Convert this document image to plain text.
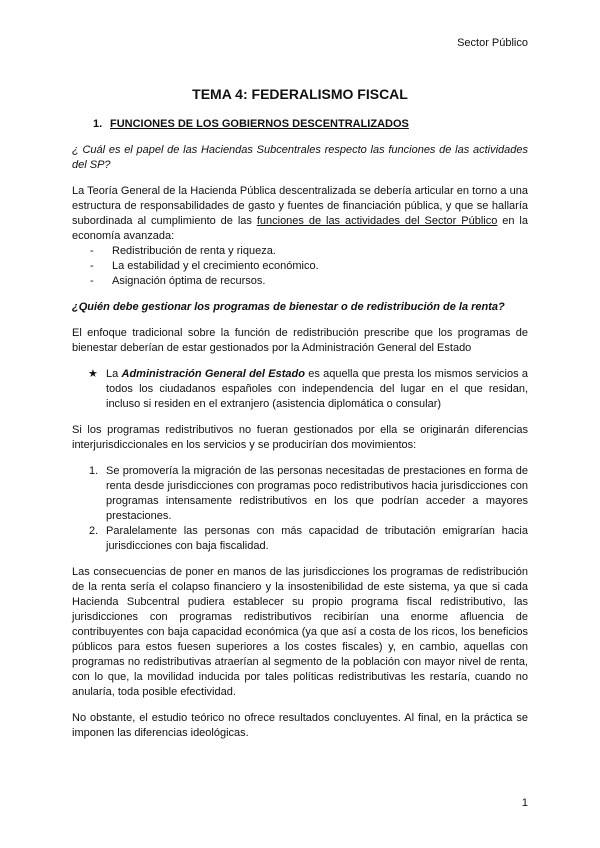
Sector Público
TEMA 4: FEDERALISMO FISCAL
1. FUNCIONES DE LOS GOBIERNOS DESCENTRALIZADOS

¿ Cuál es el papel de las Haciendas Subcentrales respecto las funciones de las actividades del SP?

La Teoría General de la Hacienda Pública descentralizada se debería articular en torno a una estructura de responsabilidades de gasto y fuentes de financiación pública, y que se hallaría subordinada al cumplimiento de las funciones de las actividades del Sector Público en la economía avanzada:

- Redistribución de renta y riqueza.
- La estabilidad y el crecimiento económico.
- Asignación óptima de recursos.

¿Quién debe gestionar los programas de bienestar o de redistribución de la renta?

El enfoque tradicional sobre la función de redistribución prescribe que los programas de bienestar deberían de estar gestionados por la Administración General del Estado

★ La Administración General del Estado es aquella que presta los mismos servicios a todos los ciudadanos españoles con independencia del lugar en el que residan, incluso si residen en el extranjero (asistencia diplomática o consular)

Si los programas redistributivos no fueran gestionados por ella se originarán diferencias interjurisdiccionales en los servicios y se producirían dos movimientos:

1. Se promovería la migración de las personas necesitadas de prestaciones en forma de renta desde jurisdicciones con programas poco redistributivos hacia jurisdicciones con programas intensamente redistributivos en los que podrían acceder a mayores prestaciones.
2. Paralelamente las personas con más capacidad de tributación emigrarían hacia jurisdicciones con baja fiscalidad.

Las consecuencias de poner en manos de las jurisdicciones los programas de redistribución de la renta sería el colapso financiero y la insostenibilidad de este sistema, ya que si cada Hacienda Subcentral pudiera establecer su propio programa fiscal redistributivo, las jurisdicciones con programas redistributivos recibirían una enorme afluencia de contribuyentes con baja capacidad económica (ya que así a costa de los ricos, los beneficios públicos para estos fuesen superiores a los costes fiscales) y, en cambio, aquellas con programas no redistributivas atraerían al segmento de la población con mayor nivel de renta, con lo que, la movilidad inducida por tales políticas redistributivas les restaría, cuando no anularía, toda posible efectividad.

No obstante, el estudio teórico no ofrece resultados concluyentes. Al final, en la práctica se imponen las diferencias ideológicas.

1
